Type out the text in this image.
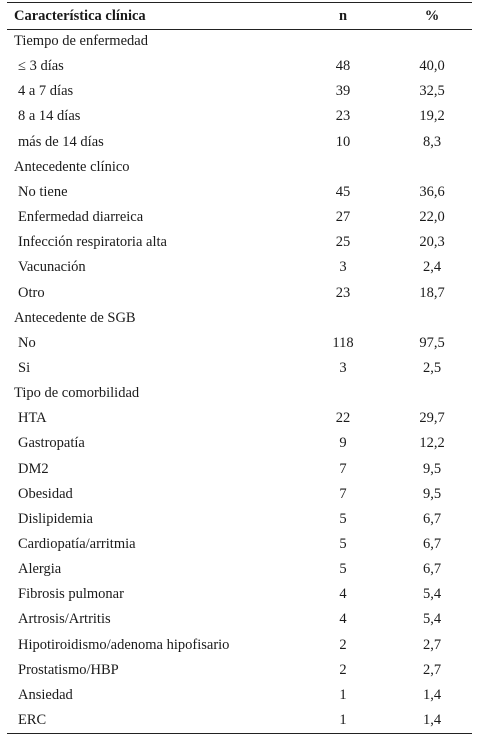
Característica clínica	n	%
Tiempo de enfermedad
≤ 3 días	48	40,0
4 a 7 días	39	32,5
8 a 14 días	23	19,2
más de 14 días	10	8,3
Antecedente clínico
No tiene	45	36,6
Enfermedad diarreica	27	22,0
Infección respiratoria alta	25	20,3
Vacunación	3	2,4
Otro	23	18,7
Antecedente de SGB
No	118	97,5
Si	3	2,5
Tipo de comorbilidad
HTA	22	29,7
Gastropatía	9	12,2
DM2	7	9,5
Obesidad	7	9,5
Dislipidemia	5	6,7
Cardiopatía/arritmia	5	6,7
Alergia	5	6,7
Fibrosis pulmonar	4	5,4
Artrosis/Artritis	4	5,4
Hipotiroidismo/adenoma hipofisario	2	2,7
Prostatismo/HBP	2	2,7
Ansiedad	1	1,4
ERC	1	1,4
